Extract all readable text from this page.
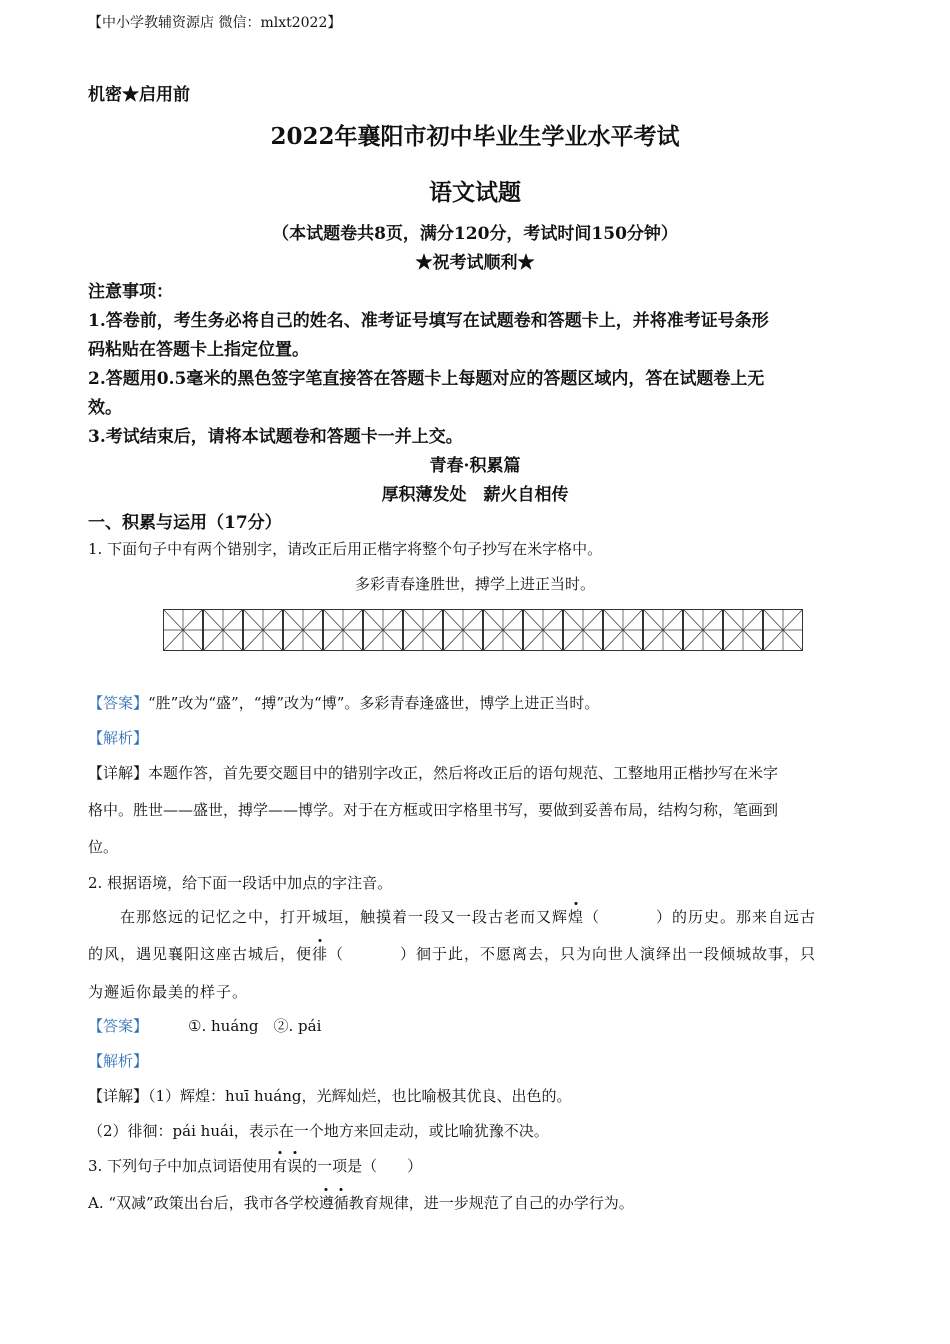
【中小学教辅资源店 微信：mlxt2022】
机密★启用前
2022年襄阳市初中毕业生学业水平考试
语文试题
（本试题卷共8页，满分120分，考试时间150分钟）
★祝考试顺利★
注意事项：
1.答卷前，考生务必将自己的姓名、准考证号填写在试题卷和答题卡上，并将准考证号条形
码粘贴在答题卡上指定位置。
2.答题用0.5毫米的黑色签字笔直接答在答题卡上每题对应的答题区域内，答在试题卷上无
效。
3.考试结束后，请将本试题卷和答题卡一并上交。
青春·积累篇
厚积薄发处　薪火自相传
一、积累与运用（17分）
1. 下面句子中有两个错别字，请改正后用正楷字将整个句子抄写在米字格中。
多彩青春逢胜世，搏学上进正当时。
【答案】“胜”改为“盛”，“搏”改为“博”。多彩青春逢盛世，博学上进正当时。
【解析】
【详解】本题作答，首先要交题目中的错别字改正，然后将改正后的语句规范、工整地用正楷抄写在米字
格中。胜世——盛世，搏学——博学。对于在方框或田字格里书写，要做到妥善布局，结构匀称，笔画到
位。
2. 根据语境，给下面一段话中加点的字注音。
在那悠远的记忆之中，打开城垣，触摸着一段又一段古老而又辉煌（	）的历史。那来自远古
的风，遇见襄阳这座古城后，便徘（	）徊于此，不愿离去，只为向世人演绎出一段倾城故事，只
为邂逅你最美的样子。
【答案】	①. huáng　②. pái
【解析】
【详解】（1）辉煌：huī huáng，光辉灿烂，也比喻极其优良、出色的。
（2）徘徊：pái huái，表示在一个地方来回走动，或比喻犹豫不决。
3. 下列句子中加点词语使用有误的一项是（　　）
A. “双减”政策出台后，我市各学校遵循教育规律，进一步规范了自己的办学行为。
